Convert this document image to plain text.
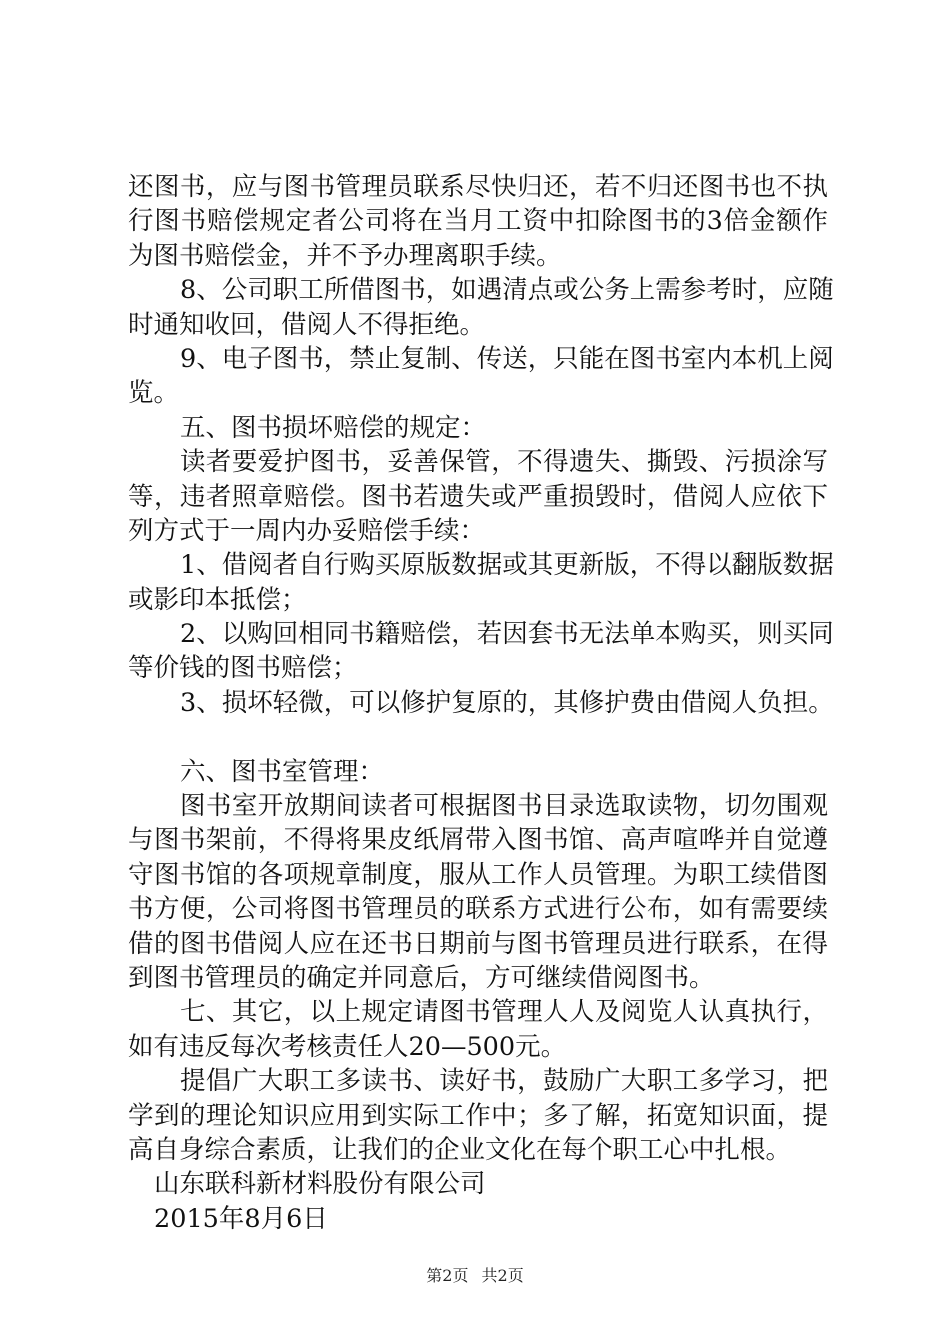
还图书，应与图书管理员联系尽快归还，若不归还图书也不执
行图书赔偿规定者公司将在当月工资中扣除图书的3倍金额作
为图书赔偿金，并不予办理离职手续。
8、公司职工所借图书，如遇清点或公务上需参考时，应随
时通知收回，借阅人不得拒绝。
9、电子图书，禁止复制、传送，只能在图书室内本机上阅
览。
五、图书损坏赔偿的规定：
读者要爱护图书，妥善保管，不得遗失、撕毁、污损涂写
等，违者照章赔偿。图书若遗失或严重损毁时，借阅人应依下
列方式于一周内办妥赔偿手续：
1、借阅者自行购买原版数据或其更新版，不得以翻版数据
或影印本抵偿；
2、以购回相同书籍赔偿，若因套书无法单本购买，则买同
等价钱的图书赔偿；
3、损坏轻微，可以修护复原的，其修护费由借阅人负担。
六、图书室管理：
图书室开放期间读者可根据图书目录选取读物，切勿围观
与图书架前，不得将果皮纸屑带入图书馆、高声喧哗并自觉遵
守图书馆的各项规章制度，服从工作人员管理。为职工续借图
书方便，公司将图书管理员的联系方式进行公布，如有需要续
借的图书借阅人应在还书日期前与图书管理员进行联系，在得
到图书管理员的确定并同意后，方可继续借阅图书。
七、其它，以上规定请图书管理人人及阅览人认真执行，
如有违反每次考核责任人20—500元。
提倡广大职工多读书、读好书，鼓励广大职工多学习，把
学到的理论知识应用到实际工作中；多了解，拓宽知识面，提
高自身综合素质，让我们的企业文化在每个职工心中扎根。
山东联科新材料股份有限公司
2015年8月6日
第2页 共2页
